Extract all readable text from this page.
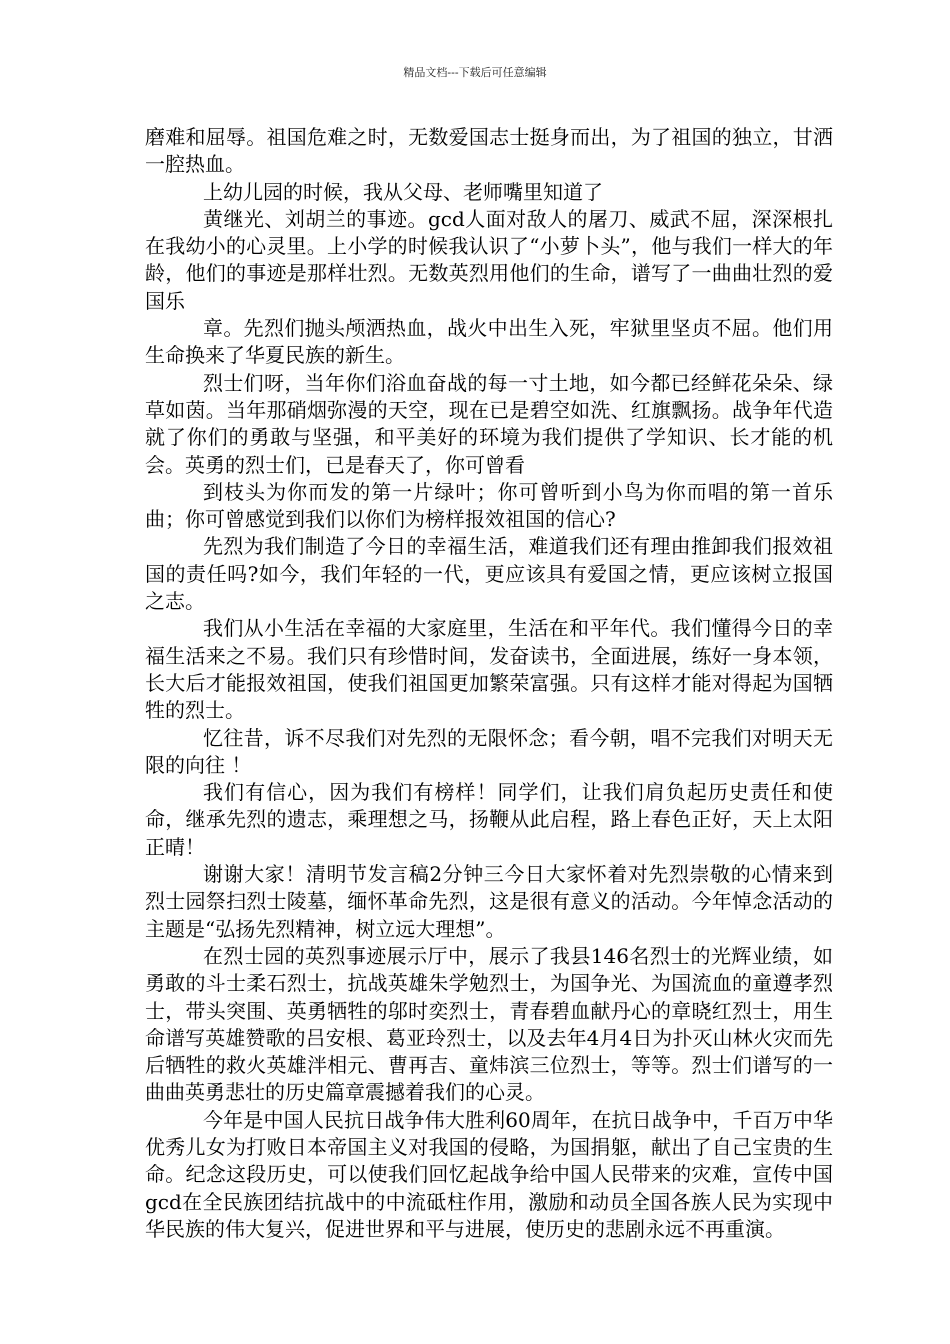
精品文档---下载后可任意编辑

磨难和屈辱。祖国危难之时，无数爱国志士挺身而出，为了祖国的独立，甘洒一腔热血。

上幼儿园的时候，我从父母、老师嘴里知道了

黄继光、刘胡兰的事迹。gcd人面对敌人的屠刀、威武不屈，深深根扎在我幼小的心灵里。上小学的时候我认识了“小萝卜头”，他与我们一样大的年龄，他们的事迹是那样壮烈。无数英烈用他们的生命，谱写了一曲曲壮烈的爱国乐

章。先烈们抛头颅洒热血，战火中出生入死，牢狱里坚贞不屈。他们用生命换来了华夏民族的新生。

烈士们呀，当年你们浴血奋战的每一寸土地，如今都已经鲜花朵朵、绿草如茵。当年那硝烟弥漫的天空，现在已是碧空如洗、红旗飘扬。战争年代造就了你们的勇敢与坚强，和平美好的环境为我们提供了学知识、长才能的机会。英勇的烈士们，已是春天了，你可曾看

到枝头为你而发的第一片绿叶；你可曾听到小鸟为你而唱的第一首乐曲；你可曾感觉到我们以你们为榜样报效祖国的信心?

先烈为我们制造了今日的幸福生活，难道我们还有理由推卸我们报效祖国的责任吗?如今，我们年轻的一代，更应该具有爱国之情，更应该树立报国之志。

我们从小生活在幸福的大家庭里，生活在和平年代。我们懂得今日的幸福生活来之不易。我们只有珍惜时间，发奋读书，全面进展，练好一身本领，长大后才能报效祖国，使我们祖国更加繁荣富强。只有这样才能对得起为国牺牲的烈士。

忆往昔，诉不尽我们对先烈的无限怀念；看今朝，唱不完我们对明天无限的向往 ！

我们有信心，因为我们有榜样！同学们，让我们肩负起历史责任和使命，继承先烈的遗志，乘理想之马，扬鞭从此启程，路上春色正好，天上太阳正晴！

谢谢大家！清明节发言稿2分钟三今日大家怀着对先烈崇敬的心情来到烈士园祭扫烈士陵墓，缅怀革命先烈，这是很有意义的活动。今年悼念活动的主题是“弘扬先烈精神，树立远大理想”。

在烈士园的英烈事迹展示厅中，展示了我县146名烈士的光辉业绩，如勇敢的斗士柔石烈士，抗战英雄朱学勉烈士，为国争光、为国流血的童遵孝烈士，带头突围、英勇牺牲的邬时奕烈士，青春碧血献丹心的章晓红烈士，用生命谱写英雄赞歌的吕安根、葛亚玲烈士，以及去年4月4日为扑灭山林火灾而先后牺牲的救火英雄泮相元、曹再吉、童炜滨三位烈士，等等。烈士们谱写的一曲曲英勇悲壮的历史篇章震撼着我们的心灵。

今年是中国人民抗日战争伟大胜利60周年，在抗日战争中，千百万中华优秀儿女为打败日本帝国主义对我国的侵略，为国捐躯，献出了自己宝贵的生命。纪念这段历史，可以使我们回忆起战争给中国人民带来的灾难，宣传中国gcd在全民族团结抗战中的中流砥柱作用，激励和动员全国各族人民为实现中华民族的伟大复兴，促进世界和平与进展，使历史的悲剧永远不再重演。
